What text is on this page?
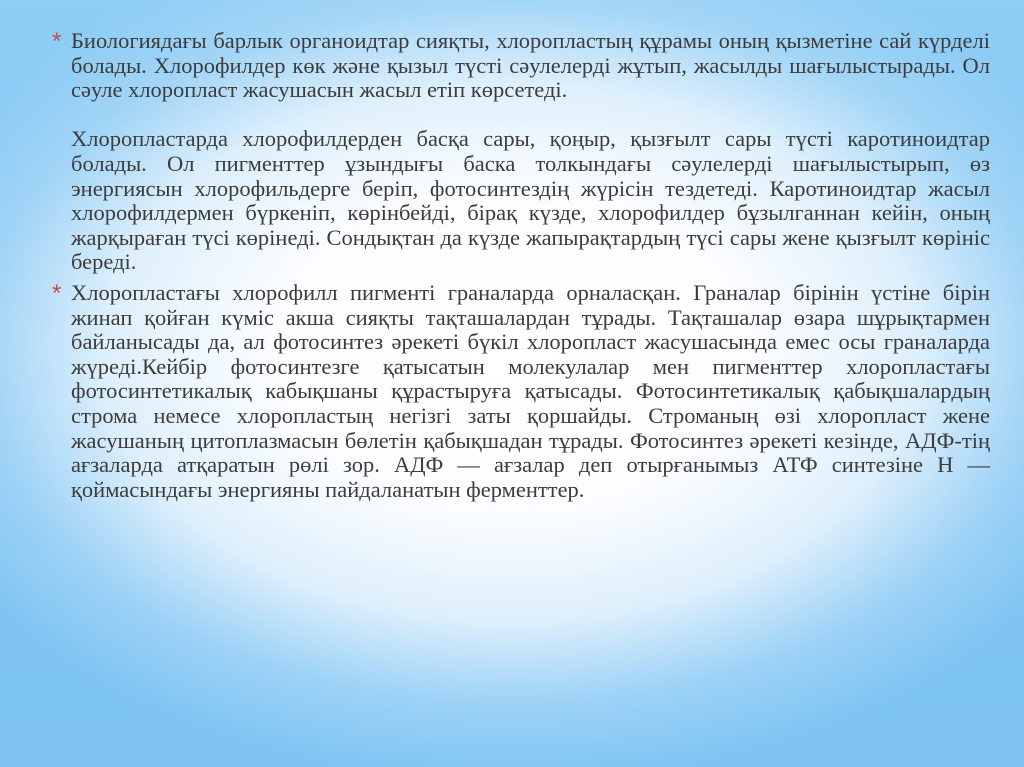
* Биологиядағы барлык органоидтар сияқты, хлоропластың құрамы оның қызметіне сай күрделі болады. Хлорофилдер көк және қызыл түсті сәулелерді жұтып, жасылды шағылыстырады. Ол сәуле хлоропласт жасушасын жасыл етіп көрсетеді.

Хлоропластарда хлорофилдерден басқа сары, қоңыр, қызғылт сары түсті каротиноидтар болады. Ол пигменттер ұзындығы баска толкындағы сәулелерді шағылыстырып, өз энергиясын хлорофильдерге беріп, фотосинтездің жүрісін тездетеді. Каротиноидтар жасыл хлорофилдермен бүркеніп, көрінбейді, бірақ күзде, хлорофилдер бұзылганнан кейін, оның жарқыраған түсі көрінеді. Сондықтан да күзде жапырақтардың түсі сары жене қызғылт көрініс береді.

* Хлоропластағы хлорофилл пигменті граналарда орналасқан. Граналар бірінін үстіне бірін жинап қойған күміс акша сияқты тақташалардан тұрады. Тақташалар өзара шұрықтармен байланысады да, ал фотосинтез әрекеті бүкіл хлоропласт жасушасында емес осы граналарда жүреді.Кейбір фотосинтезге қатысатын молекулалар мен пигменттер хлоропластағы фотосинтетикалық кабықшаны құрастыруға қатысады. Фотосинтетикалық қабықшалардың строма немесе хлоропластың негізгі заты қоршайды. Строманың өзі хлоропласт жене жасушаның цитоплазмасын бөлетін қабықшадан тұрады. Фотосинтез әрекеті кезінде, АДФ-тің ағзаларда атқаратын рөлі зор. АДФ — ағзалар деп отырғанымыз АТФ синтезіне Н — қоймасындағы энергияны пайдаланатын ферменттер.
